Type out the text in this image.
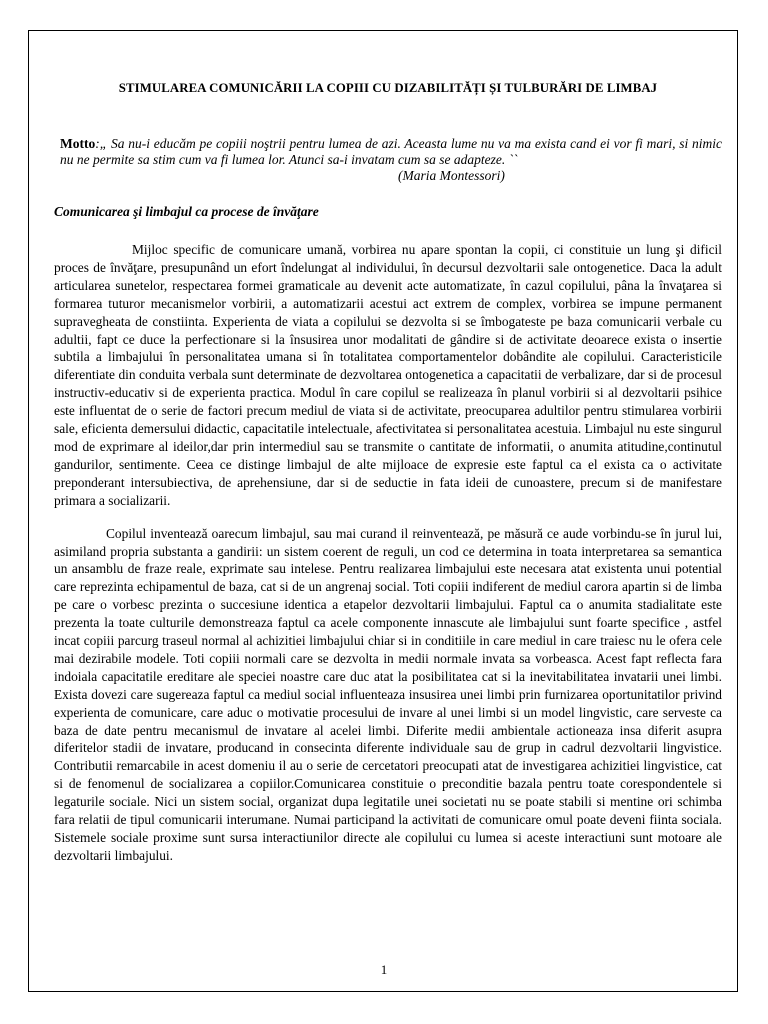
STIMULAREA COMUNICĂRII LA COPIII CU DIZABILITĂȚI ȘI TULBURĂRI DE LIMBAJ

Motto:„ Sa nu-i educăm pe copiii noştrii pentru lumea de azi. Aceasta lume nu va ma exista cand ei vor fi mari, si nimic nu ne permite sa stim cum va fi lumea lor. Atunci sa-i invatam cum sa se adapteze. ``

(Maria Montessori)

Comunicarea şi limbajul ca procese de învăţare

Mijloc specific de comunicare umană, vorbirea nu apare spontan la copii, ci constituie un lung şi dificil proces de învăţare, presupunând un efort îndelungat al individului, în decursul dezvoltarii sale ontogenetice. Daca la adult articularea sunetelor, respectarea formei gramaticale au devenit acte automatizate, în cazul copilului, pâna la învaţarea si formarea tuturor mecanismelor vorbirii, a automatizarii acestui act extrem de complex, vorbirea se impune permanent supravegheata de constiinta. Experienta de viata a copilului se dezvolta si se îmbogateste pe baza comunicarii verbale cu adultii, fapt ce duce la perfectionare si la însusirea unor modalitati de gândire si de activitate deoarece exista o insertie subtila a limbajului în personalitatea umana si în totalitatea comportamentelor dobândite ale copilului. Caracteristicile diferentiate din conduita verbala sunt determinate de dezvoltarea ontogenetica a capacitatii de verbalizare, dar si de procesul instructiv-educativ si de experienta practica. Modul în care copilul se realizeaza în planul vorbirii si al dezvoltarii psihice este influentat de o serie de factori precum mediul de viata si de activitate, preocuparea adultilor pentru stimularea vorbirii sale, eficienta demersului didactic, capacitatile intelectuale, afectivitatea si personalitatea acestuia. Limbajul nu este singurul mod de exprimare al ideilor,dar prin intermediul sau se transmite o cantitate de informatii, o anumita atitudine,continutul gandurilor, sentimente. Ceea ce distinge limbajul de alte mijloace de expresie este faptul ca el exista ca o activitate preponderant intersubiectiva, de aprehensiune, dar si de seductie in fata ideii de cunoastere, precum si de manifestare primara a socializarii.

Copilul inventează oarecum limbajul, sau mai curand il reinventează, pe măsură ce aude vorbindu-se în jurul lui, asimiland propria substanta a gandirii: un sistem coerent de reguli, un cod ce determina in toata interpretarea sa semantica un ansamblu de fraze reale, exprimate sau intelese. Pentru realizarea limbajului este necesara atat existenta unui potential care reprezinta echipamentul de baza, cat si de un angrenaj social. Toti copiii indiferent de mediul carora apartin si de limba pe care o vorbesc prezinta o succesiune identica a etapelor dezvoltarii limbajului. Faptul ca o anumita stadialitate este prezenta la toate culturile demonstreaza faptul ca acele componente innascute ale limbajului sunt foarte specifice , astfel incat copiii parcurg traseul normal al achizitiei limbajului chiar si in conditiile in care mediul in care traiesc nu le ofera cele mai dezirabile modele. Toti copiii normali care se dezvolta in medii normale invata sa vorbeasca. Acest fapt reflecta fara indoiala capacitatile ereditare ale speciei noastre care duc atat la posibilitatea cat si la inevitabilitatea invatarii unei limbi. Exista dovezi care sugereaza faptul ca mediul social influenteaza insusirea unei limbi prin furnizarea oportunitatilor privind experienta de comunicare, care aduc o motivatie procesului de invare al unei limbi si un model lingvistic, care serveste ca baza de date pentru mecanismul de invatare al acelei limbi. Diferite medii ambientale actioneaza insa diferit asupra diferitelor stadii de invatare, producand in consecinta diferente individuale sau de grup in cadrul dezvoltarii lingvistice. Contributii remarcabile in acest domeniu il au o serie de cercetatori preocupati atat de investigarea achizitiei lingvistice, cat si de fenomenul de socializarea a copiilor.Comunicarea constituie o preconditie bazala pentru toate corespondentele si legaturile sociale. Nici un sistem social, organizat dupa legitatile unei societati nu se poate stabili si mentine ori schimba fara relatii de tipul comunicarii interumane. Numai participand la activitati de comunicare omul poate deveni fiinta sociala. Sistemele sociale proxime sunt sursa interactiunilor directe ale copilului cu lumea si aceste interactiuni sunt motoare ale dezvoltarii limbajului.

1
